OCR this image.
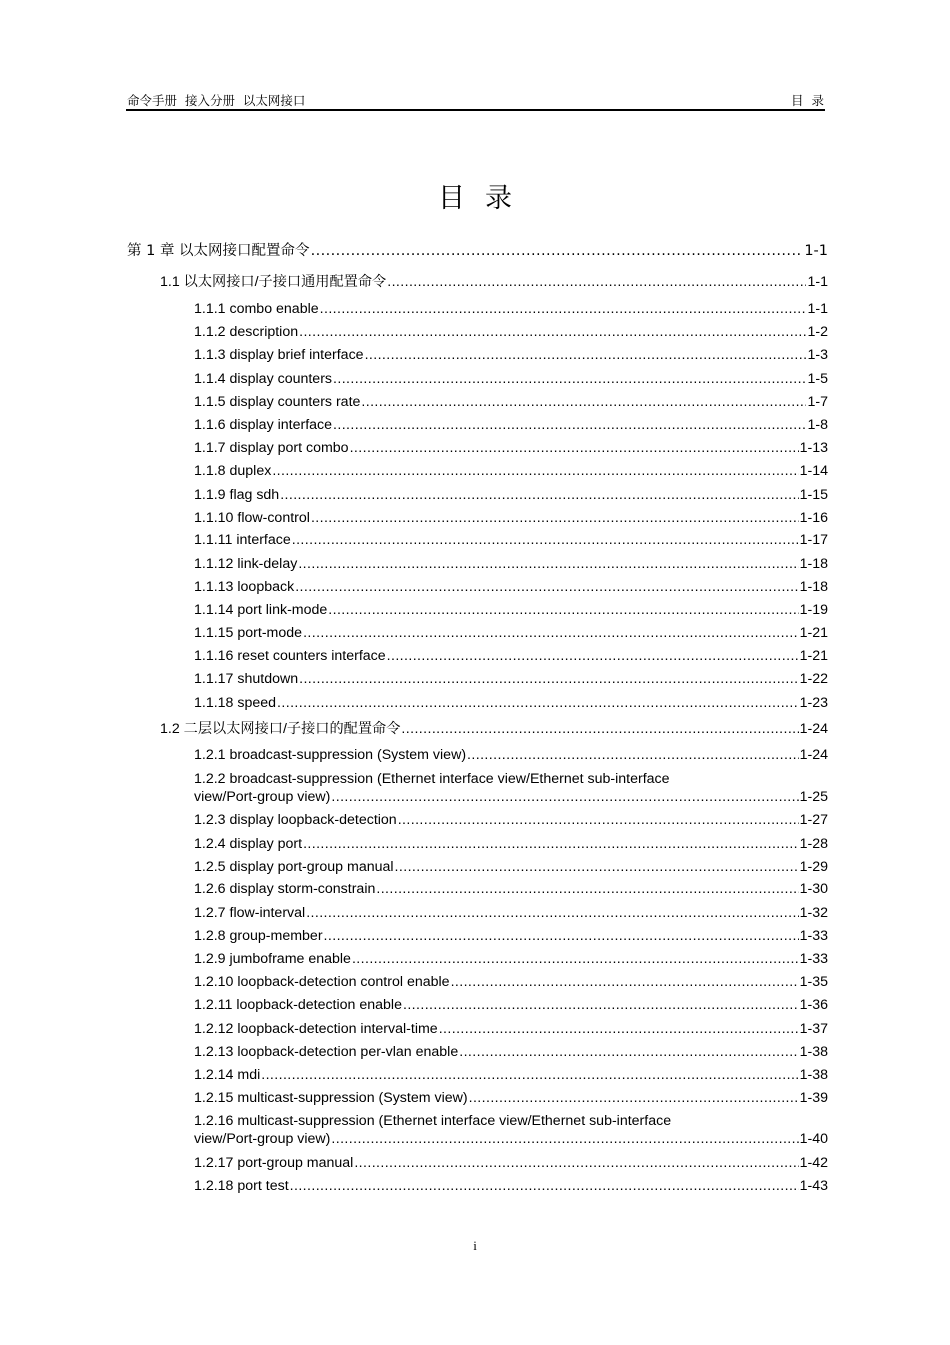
命令手册  接入分册  以太网接口	目  录
目录
第 1 章 以太网接口配置命令 .....	1-1
1.1 以太网接口/子接口通用配置命令 .....	1-1
1.1.1 combo enable .....	1-1
1.1.2 description .....	1-2
1.1.3 display brief interface .....	1-3
1.1.4 display counters .....	1-5
1.1.5 display counters rate .....	1-7
1.1.6 display interface .....	1-8
1.1.7 display port combo .....	1-13
1.1.8 duplex .....	1-14
1.1.9 flag sdh .....	1-15
1.1.10 flow-control .....	1-16
1.1.11 interface .....	1-17
1.1.12 link-delay .....	1-18
1.1.13 loopback .....	1-18
1.1.14 port link-mode .....	1-19
1.1.15 port-mode .....	1-21
1.1.16 reset counters interface .....	1-21
1.1.17 shutdown .....	1-22
1.1.18 speed .....	1-23
1.2 二层以太网接口/子接口的配置命令 .....	1-24
1.2.1 broadcast-suppression (System view) .....	1-24
1.2.2 broadcast-suppression (Ethernet interface view/Ethernet sub-interface
view/Port-group view) .....	1-25
1.2.3 display loopback-detection .....	1-27
1.2.4 display port .....	1-28
1.2.5 display port-group manual .....	1-29
1.2.6 display storm-constrain .....	1-30
1.2.7 flow-interval .....	1-32
1.2.8 group-member .....	1-33
1.2.9 jumboframe enable .....	1-33
1.2.10 loopback-detection control enable .....	1-35
1.2.11 loopback-detection enable .....	1-36
1.2.12 loopback-detection interval-time .....	1-37
1.2.13 loopback-detection per-vlan enable .....	1-38
1.2.14 mdi .....	1-38
1.2.15 multicast-suppression (System view) .....	1-39
1.2.16 multicast-suppression (Ethernet interface view/Ethernet sub-interface
view/Port-group view) .....	1-40
1.2.17 port-group manual .....	1-42
1.2.18 port test .....	1-43
i
